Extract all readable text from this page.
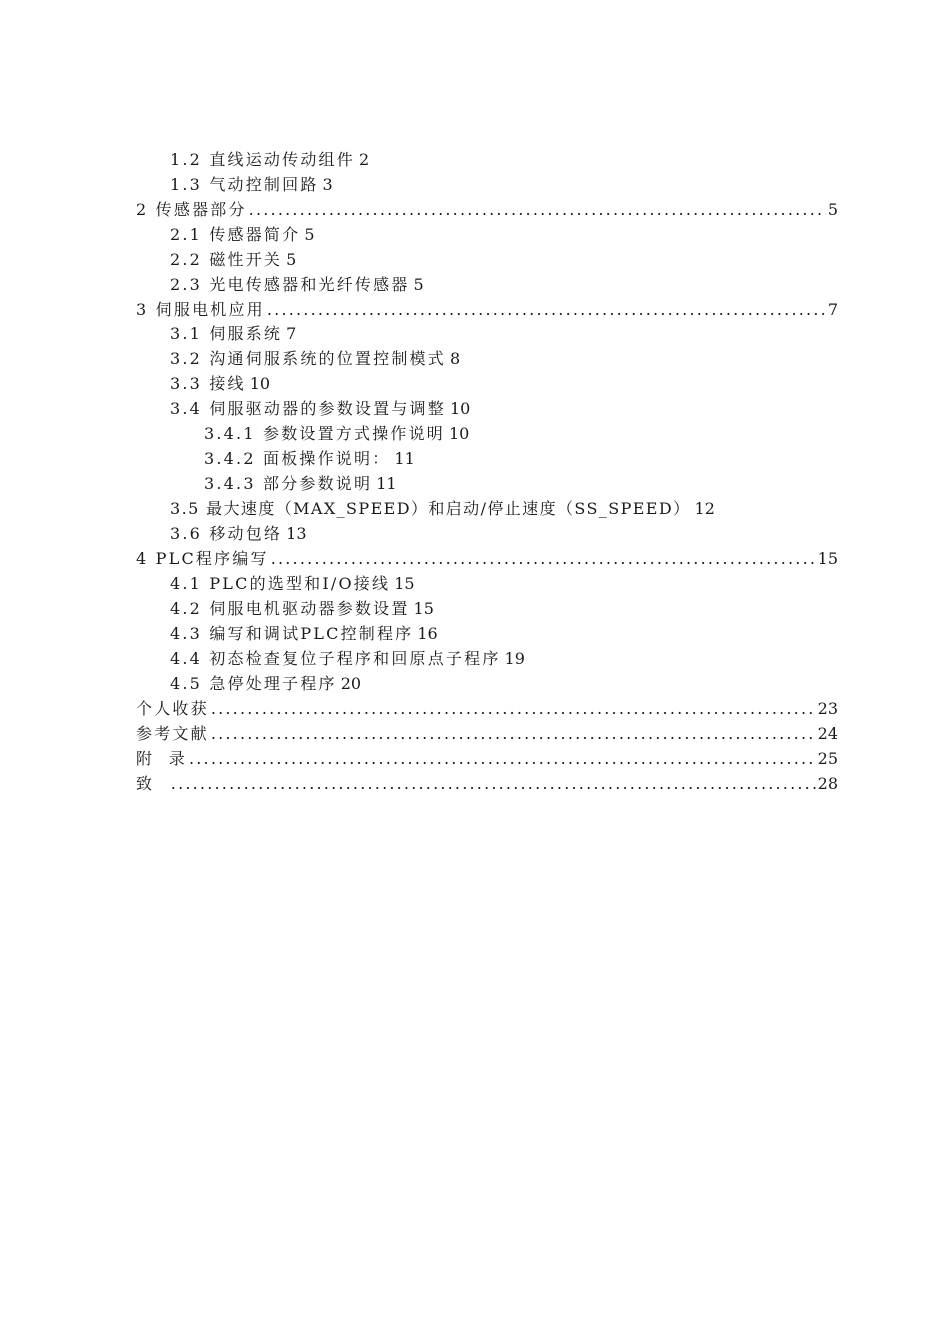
1.2 直线运动传动组件 2
1.3 气动控制回路 3
2 传感器部分 .....	5
2.1 传感器简介 5
2.2 磁性开关 5
2.3 光电传感器和光纤传感器 5
3 伺服电机应用 .....	7
3.1 伺服系统 7
3.2 沟通伺服系统的位置控制模式 8
3.3 接线 10
3.4 伺服驱动器的参数设置与调整 10
3.4.1 参数设置方式操作说明 10
3.4.2 面板操作说明： 11
3.4.3 部分参数说明 11
3.5 最大速度（MAX_SPEED）和启动/停止速度（SS_SPEED） 12
3.6 移动包络 13
4 PLC程序编写 .....	15
4.1 PLC的选型和I/O接线 15
4.2 伺服电机驱动器参数设置 15
4.3 编写和调试PLC控制程序 16
4.4 初态检查复位子程序和回原点子程序 19
4.5 急停处理子程序 20
个人收获 .....	23
参考文献 .....	24
附  录 .....	25
致 .....	28
